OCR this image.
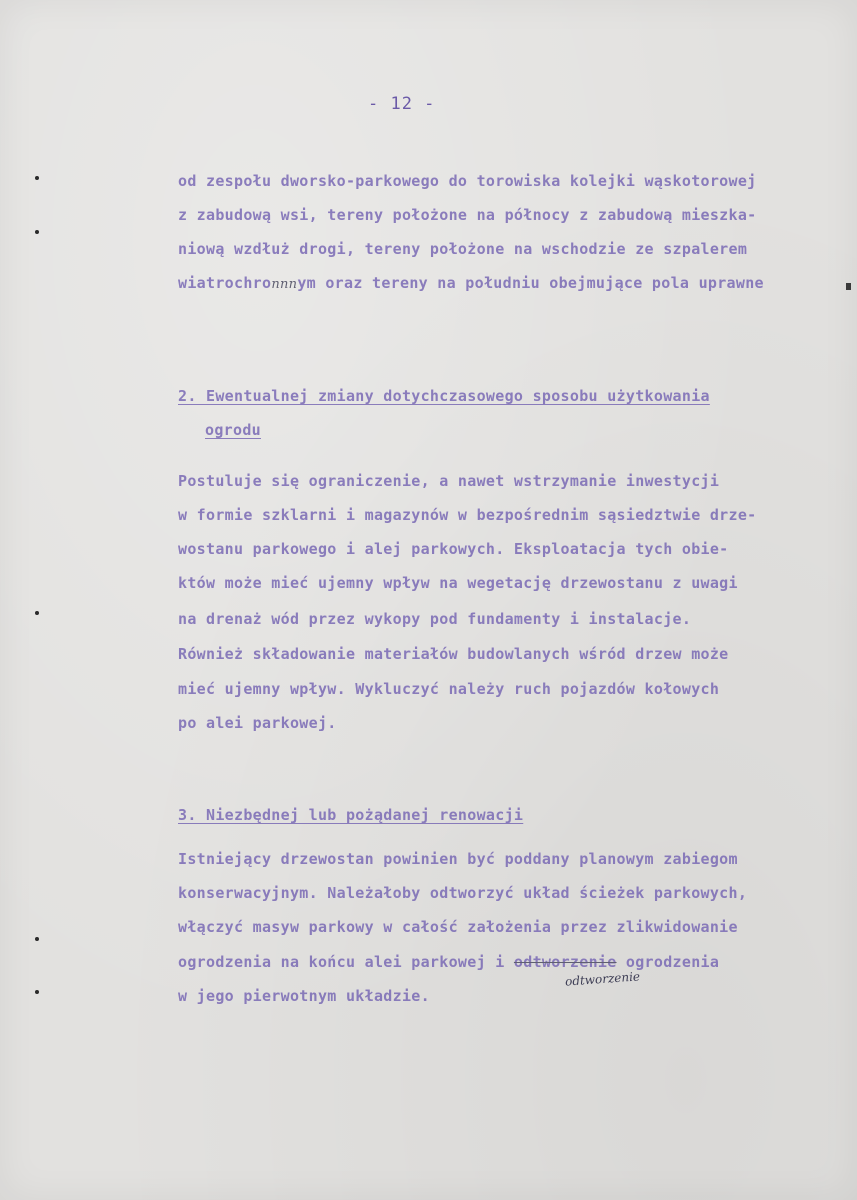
- 12 -
od zespołu dworsko-parkowego do torowiska kolejki wąskotorowej
z zabudową wsi, tereny położone na północy z zabudową mieszka-
niową wzdłuż drogi, tereny położone na wschodzie ze szpalerem
wiatrochronnnym oraz tereny na południu obejmujące pola uprawne
2. Ewentualnej zmiany dotychczasowego sposobu użytkowania
ogrodu
Postuluje się ograniczenie, a nawet wstrzymanie inwestycji
w formie szklarni i magazynów w bezpośrednim sąsiedztwie drze-
wostanu parkowego i alej parkowych. Eksploatacja tych obie-
któw może mieć ujemny wpływ na wegetację drzewostanu z uwagi
na drenaż wód przez wykopy pod fundamenty i instalacje.
Również składowanie materiałów budowlanych wśród drzew może
mieć ujemny wpływ. Wykluczyć należy ruch pojazdów kołowych
po alei parkowej.
3. Niezbędnej lub pożądanej renowacji
Istniejący drzewostan powinien być poddany planowym zabiegom
konserwacyjnym. Należałoby odtworzyć układ ścieżek parkowych,
włączyć masyw parkowy w całość założenia przez zlikwidowanie
ogrodzenia na końcu alei parkowej i odtworzenie ogrodzenia
odtworzenie
w jego pierwotnym układzie.
